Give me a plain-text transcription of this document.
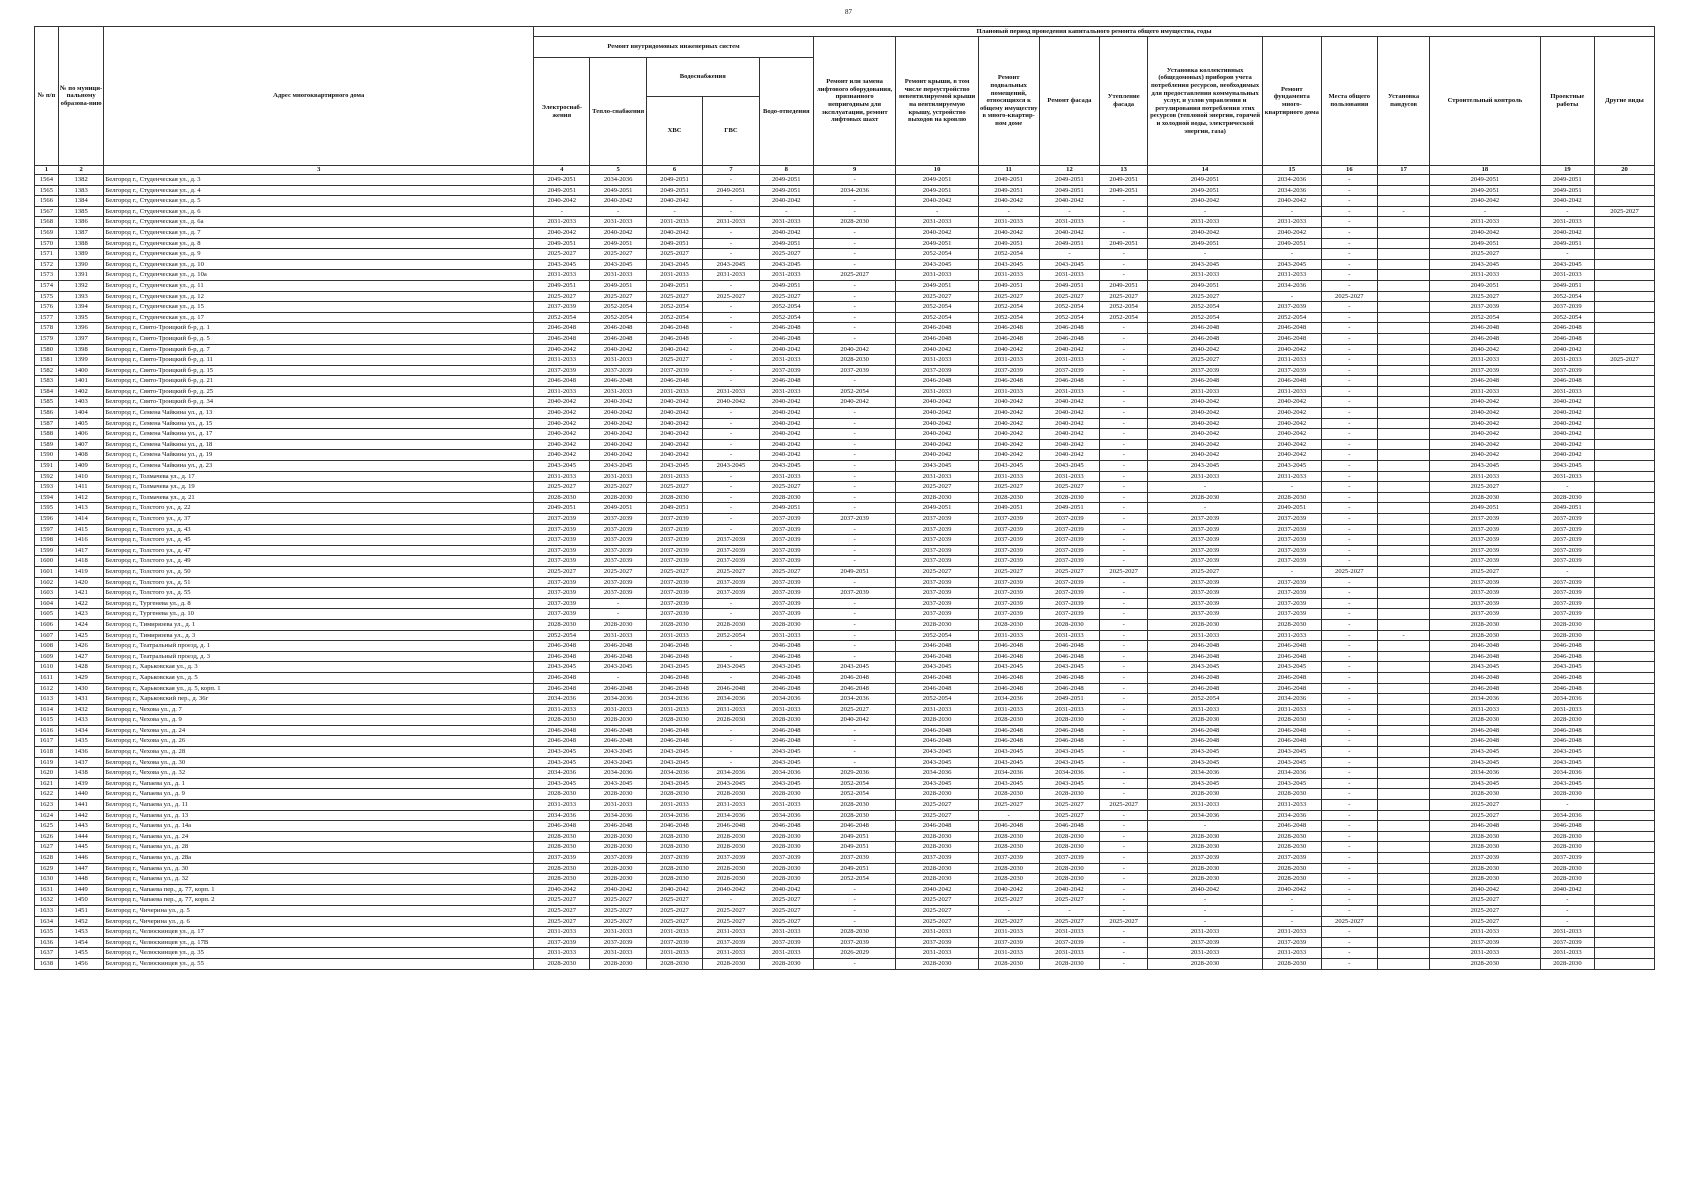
87
№ п/п	№ по муници-пальному образова-нию	Адрес многоквартирного дома	Плановый период проведения капитального ремонта общего имущества, годы																
			Ремонт внутридомовых инженерных систем					Ремонт или замена лифтового оборудования, признанного непригодным для эксплуатации, ремонт лифтовых шахт	Ремонт крыши, в том числе переустройство невентилируемой крыши на вентилируемую крышу, устройство выходов на кровлю	Ремонт подвальных помещений, относящихся к общему имуществу в много-квартир-ном доме	Ремонт фасада	Утепление фасада	Установка коллективных (общедомовых) приборов учета потребления ресурсов, необходимых для предоставления коммунальных услуг, и узлов управления и регулирования потребления этих ресурсов (тепловой энергии, горячей и холодной воды, электрической энергии, газа)	Ремонт фундамента много-квартирного дома	Места общего пользования	Установка пандусов	Строительный контроль	Проектные работы	Другие виды
			Электроснаб-жения	Тепло-снабжения	Водоснабжения		Водо-отведения												
					ХВС	ГВС													
1	2	3	4	5	6	7	8	9	10	11	12	13	14	15	16	17	18	19	20
1564	1382	Белгород г., Студенческая ул., д. 3	2049-2051	2034-2036	2049-2051	-	2049-2051	-	2049-2051	2049-2051	2049-2051	2049-2051	2049-2051	2034-2036	-		2049-2051	2049-2051	
1565	1383	Белгород г., Студенческая ул., д. 4	2049-2051	2049-2051	2049-2051	2049-2051	2049-2051	2034-2036	2049-2051	2049-2051	2049-2051	2049-2051	2049-2051	2034-2036	-		2049-2051	2049-2051	
1566	1384	Белгород г., Студенческая ул., д. 5	2040-2042	2040-2042	2040-2042	-	2040-2042	-	2040-2042	2040-2042	2040-2042	-	2040-2042	2040-2042	-		2040-2042	2040-2042	
1567	1385	Белгород г., Студенческая ул., д. 6	-	-	-	-	-	-	-	-	-	-	-	-	-	-	-	-	2025-2027
1568	1386	Белгород г., Студенческая ул., д. 6а	2031-2033	2031-2033	2031-2033	2031-2033	2031-2033	2028-2030	2031-2033	2031-2033	2031-2033	-	2031-2033	2031-2033	-		2031-2033	2031-2033	
1569	1387	Белгород г., Студенческая ул., д. 7	2040-2042	2040-2042	2040-2042	-	2040-2042	-	2040-2042	2040-2042	2040-2042	-	2040-2042	2040-2042	-		2040-2042	2040-2042	
1570	1388	Белгород г., Студенческая ул., д. 8	2049-2051	2049-2051	2049-2051	-	2049-2051	-	2049-2051	2049-2051	2049-2051	2049-2051	2049-2051	2049-2051	-		2049-2051	2049-2051	
1571	1389	Белгород г., Студенческая ул., д. 9	2025-2027	2025-2027	2025-2027	-	2025-2027	-	2052-2054	2052-2054	-	-	-	-	-		2025-2027	-	
1572	1390	Белгород г., Студенческая ул., д. 10	2043-2045	2043-2045	2043-2045	2043-2045	2043-2045	-	2043-2045	2043-2045	2043-2045	-	2043-2045	2043-2045	-		2043-2045	2043-2045	
1573	1391	Белгород г., Студенческая ул., д. 10а	2031-2033	2031-2033	2031-2033	2031-2033	2031-2033	2025-2027	2031-2033	2031-2033	2031-2033	-	2031-2033	2031-2033	-		2031-2033	2031-2033	
1574	1392	Белгород г., Студенческая ул., д. 11	2049-2051	2049-2051	2049-2051	-	2049-2051	-	2049-2051	2049-2051	2049-2051	2049-2051	2049-2051	2034-2036	-		2049-2051	2049-2051	
1575	1393	Белгород г., Студенческая ул., д. 12	2025-2027	2025-2027	2025-2027	2025-2027	2025-2027	-	2025-2027	2025-2027	2025-2027	2025-2027	2025-2027	-	2025-2027		2025-2027	2052-2054	
1576	1394	Белгород г., Студенческая ул., д. 15	2037-2039	2052-2054	2052-2054	-	2052-2054	-	2052-2054	2052-2054	2052-2054	2052-2054	2052-2054	2037-2039	-		2037-2039	2037-2039	
1577	1395	Белгород г., Студенческая ул., д. 17	2052-2054	2052-2054	2052-2054	-	2052-2054	-	2052-2054	2052-2054	2052-2054	2052-2054	2052-2054	2052-2054	-		2052-2054	2052-2054	
1578	1396	Белгород г., Свято-Троицкий б-р, д. 1	2046-2048	2046-2048	2046-2048	-	2046-2048	-	2046-2048	2046-2048	2046-2048	-	2046-2048	2046-2048	-		2046-2048	2046-2048	
1579	1397	Белгород г., Свято-Троицкий б-р, д. 5	2046-2048	2046-2048	2046-2048	-	2046-2048	-	2046-2048	2046-2048	2046-2048	-	2046-2048	2046-2048	-		2046-2048	2046-2048	
1580	1398	Белгород г., Свято-Троицкий б-р, д. 7	2040-2042	2040-2042	2040-2042	-	2040-2042	2040-2042	2040-2042	2040-2042	2040-2042	-	2040-2042	2040-2042	-		2040-2042	2040-2042	
1581	1399	Белгород г., Свято-Троицкий б-р, д. 11	2031-2033	2031-2033	2025-2027	-	2031-2033	2028-2030	2031-2033	2031-2033	2031-2033	-	2025-2027	2031-2033	-		2031-2033	2031-2033	2025-2027
1582	1400	Белгород г., Свято-Троицкий б-р, д. 15	2037-2039	2037-2039	2037-2039	-	2037-2039	2037-2039	2037-2039	2037-2039	2037-2039	-	2037-2039	2037-2039	-		2037-2039	2037-2039	
1583	1401	Белгород г., Свято-Троицкий б-р, д. 21	2046-2048	2046-2048	2046-2048	-	2046-2048	-	2046-2048	2046-2048	2046-2048	-	2046-2048	2046-2048	-		2046-2048	2046-2048	
1584	1402	Белгород г., Свято-Троицкий б-р, д. 25	2031-2033	2031-2033	2031-2033	2031-2033	2031-2033	2052-2054	2031-2033	2031-2033	2031-2033	-	2031-2033	2031-2033	-		2031-2033	2031-2033	
1585	1403	Белгород г., Свято-Троицкий б-р, д. 34	2040-2042	2040-2042	2040-2042	2040-2042	2040-2042	2040-2042	2040-2042	2040-2042	2040-2042	-	2040-2042	2040-2042	-		2040-2042	2040-2042	
1586	1404	Белгород г., Семена Чайкина ул., д. 13	2040-2042	2040-2042	2040-2042	-	2040-2042	-	2040-2042	2040-2042	2040-2042	-	2040-2042	2040-2042	-		2040-2042	2040-2042	
1587	1405	Белгород г., Семена Чайкина ул., д. 15	2040-2042	2040-2042	2040-2042	-	2040-2042	-	2040-2042	2040-2042	2040-2042	-	2040-2042	2040-2042	-		2040-2042	2040-2042	
1588	1406	Белгород г., Семена Чайкина ул., д. 17	2040-2042	2040-2042	2040-2042	-	2040-2042	-	2040-2042	2040-2042	2040-2042	-	2040-2042	2040-2042	-		2040-2042	2040-2042	
1589	1407	Белгород г., Семена Чайкина ул., д. 18	2040-2042	2040-2042	2040-2042	-	2040-2042	-	2040-2042	2040-2042	2040-2042	-	2040-2042	2040-2042	-		2040-2042	2040-2042	
1590	1408	Белгород г., Семена Чайкина ул., д. 19	2040-2042	2040-2042	2040-2042	-	2040-2042	-	2040-2042	2040-2042	2040-2042	-	2040-2042	2040-2042	-		2040-2042	2040-2042	
1591	1409	Белгород г., Семена Чайкина ул., д. 23	2043-2045	2043-2045	2043-2045	2043-2045	2043-2045	-	2043-2045	2043-2045	2043-2045	-	2043-2045	2043-2045	-		2043-2045	2043-2045	
1592	1410	Белгород г., Толмачева ул., д. 17	2031-2033	2031-2033	2031-2033	-	2031-2033	-	2031-2033	2031-2033	2031-2033	-	2031-2033	2031-2033	-		2031-2033	2031-2033	
1593	1411	Белгород г., Толмачева ул., д. 19	2025-2027	2025-2027	2025-2027	-	2025-2027	-	2025-2027	2025-2027	2025-2027	-	-	-	-		2025-2027	-	
1594	1412	Белгород г., Толмачева ул., д. 21	2028-2030	2028-2030	2028-2030	-	2028-2030	-	2028-2030	2028-2030	2028-2030	-	2028-2030	2028-2030	-		2028-2030	2028-2030	
1595	1413	Белгород г., Толстого ул., д. 22	2049-2051	2049-2051	2049-2051	-	2049-2051	-	2049-2051	2049-2051	2049-2051	-	-	2049-2051	-		2049-2051	2049-2051	
1596	1414	Белгород г., Толстого ул., д. 37	2037-2039	2037-2039	2037-2039	-	2037-2039	2037-2039	2037-2039	2037-2039	2037-2039	-	2037-2039	2037-2039	-		2037-2039	2037-2039	
1597	1415	Белгород г., Толстого ул., д. 43	2037-2039	2037-2039	2037-2039	-	2037-2039	-	2037-2039	2037-2039	2037-2039	-	2037-2039	2037-2039	-		2037-2039	2037-2039	
1598	1416	Белгород г., Толстого ул., д. 45	2037-2039	2037-2039	2037-2039	2037-2039	2037-2039	-	2037-2039	2037-2039	2037-2039	-	2037-2039	2037-2039	-		2037-2039	2037-2039	
1599	1417	Белгород г., Толстого ул., д. 47	2037-2039	2037-2039	2037-2039	2037-2039	2037-2039	-	2037-2039	2037-2039	2037-2039	-	2037-2039	2037-2039	-		2037-2039	2037-2039	
1600	1418	Белгород г., Толстого ул., д. 49	2037-2039	2037-2039	2037-2039	2037-2039	2037-2039	-	2037-2039	2037-2039	2037-2039	-	2037-2039	2037-2039	-		2037-2039	2037-2039	
1601	1419	Белгород г., Толстого ул., д. 50	2025-2027	2025-2027	2025-2027	2025-2027	2025-2027	2049-2051	2025-2027	2025-2027	2025-2027	2025-2027	2025-2027	-	2025-2027		2025-2027	-	
1602	1420	Белгород г., Толстого ул., д. 51	2037-2039	2037-2039	2037-2039	2037-2039	2037-2039	-	2037-2039	2037-2039	2037-2039	-	2037-2039	2037-2039	-		2037-2039	2037-2039	
1603	1421	Белгород г., Толстого ул., д. 55	2037-2039	2037-2039	2037-2039	2037-2039	2037-2039	2037-2039	2037-2039	2037-2039	2037-2039	-	2037-2039	2037-2039	-		2037-2039	2037-2039	
1604	1422	Белгород г., Тургенева ул., д. 8	2037-2039	-	2037-2039	-	2037-2039	-	2037-2039	2037-2039	2037-2039	-	2037-2039	2037-2039	-		2037-2039	2037-2039	
1605	1423	Белгород г., Тургенева ул., д. 10	2037-2039	-	2037-2039	-	2037-2039	-	2037-2039	2037-2039	2037-2039	-	2037-2039	2037-2039	-		2037-2039	2037-2039	
1606	1424	Белгород г., Тимирязева ул., д. 1	2028-2030	2028-2030	2028-2030	2028-2030	2028-2030	-	2028-2030	2028-2030	2028-2030	-	2028-2030	2028-2030	-		2028-2030	2028-2030	
1607	1425	Белгород г., Тимирязева ул., д. 3	2052-2054	2031-2033	2031-2033	2052-2054	2031-2033	-	2052-2054	2031-2033	2031-2033	-	2031-2033	2031-2033	-	-	2028-2030	2028-2030	
1608	1426	Белгород г., Театральный проезд, д. 1	2046-2048	2046-2048	2046-2048	-	2046-2048	-	2046-2048	2046-2048	2046-2048	-	2046-2048	2046-2048	-		2046-2048	2046-2048	
1609	1427	Белгород г., Театральный проезд, д. 3	2046-2048	2046-2048	2046-2048	-	2046-2048	-	2046-2048	2046-2048	2046-2048	-	2046-2048	2046-2048	-		2046-2048	2046-2048	
1610	1428	Белгород г., Харьковская ул., д. 3	2043-2045	2043-2045	2043-2045	2043-2045	2043-2045	2043-2045	2043-2045	2043-2045	2043-2045	-	2043-2045	2043-2045	-		2043-2045	2043-2045	
1611	1429	Белгород г., Харьковская ул., д. 5	2046-2048	-	2046-2048	-	2046-2048	2046-2048	2046-2048	2046-2048	2046-2048	-	2046-2048	2046-2048	-		2046-2048	2046-2048	
1612	1430	Белгород г., Харьковская ул., д. 5, корп. 1	2046-2048	2046-2048	2046-2048	2046-2048	2046-2048	2046-2048	2046-2048	2046-2048	2046-2048	-	2046-2048	2046-2048	-		2046-2048	2046-2048	
1613	1431	Белгород г., Харьковский пер., д. 36г	2034-2036	2034-2036	2034-2036	2034-2036	2034-2036	2034-2036	2052-2054	2034-2036	2049-2051	-	2052-2054	2034-2036	-		2034-2036	2034-2036	
1614	1432	Белгород г., Чехова ул., д. 7	2031-2033	2031-2033	2031-2033	2031-2033	2031-2033	2025-2027	2031-2033	2031-2033	2031-2033	-	2031-2033	2031-2033	-		2031-2033	2031-2033	
1615	1433	Белгород г., Чехова ул., д. 9	2028-2030	2028-2030	2028-2030	2028-2030	2028-2030	2040-2042	2028-2030	2028-2030	2028-2030	-	2028-2030	2028-2030	-		2028-2030	2028-2030	
1616	1434	Белгород г., Чехова ул., д. 24	2046-2048	2046-2048	2046-2048	-	2046-2048	-	2046-2048	2046-2048	2046-2048	-	2046-2048	2046-2048	-		2046-2048	2046-2048	
1617	1435	Белгород г., Чехова ул., д. 26	2046-2048	2046-2048	2046-2048	-	2046-2048	-	2046-2048	2046-2048	2046-2048	-	2046-2048	2046-2048	-		2046-2048	2046-2048	
1618	1436	Белгород г., Чехова ул., д. 28	2043-2045	2043-2045	2043-2045	-	2043-2045	-	2043-2045	2043-2045	2043-2045	-	2043-2045	2043-2045	-		2043-2045	2043-2045	
1619	1437	Белгород г., Чехова ул., д. 30	2043-2045	2043-2045	2043-2045	-	2043-2045	-	2043-2045	2043-2045	2043-2045	-	2043-2045	2043-2045	-		2043-2045	2043-2045	
1620	1438	Белгород г., Чехова ул., д. 32	2034-2036	2034-2036	2034-2036	2034-2036	2034-2036	2029-2036	2034-2036	2034-2036	2034-2036	-	2034-2036	2034-2036	-		2034-2036	2034-2036	
1621	1439	Белгород г., Чапаева ул., д. 1	2043-2045	2043-2045	2043-2045	2043-2045	2043-2045	2052-2054	2043-2045	2043-2045	2043-2045	-	2043-2045	2043-2045	-		2043-2045	2043-2045	
1622	1440	Белгород г., Чапаева ул., д. 9	2028-2030	2028-2030	2028-2030	2028-2030	2028-2030	2052-2054	2028-2030	2028-2030	2028-2030	-	2028-2030	2028-2030	-		2028-2030	2028-2030	
1623	1441	Белгород г., Чапаева ул., д. 11	2031-2033	2031-2033	2031-2033	2031-2033	2031-2033	2028-2030	2025-2027	2025-2027	2025-2027	2025-2027	2031-2033	2031-2033	-		2025-2027	-	
1624	1442	Белгород г., Чапаева ул., д. 13	2034-2036	2034-2036	2034-2036	2034-2036	2034-2036	2028-2030	2025-2027	-	2025-2027	-	2034-2036	2034-2036	-		2025-2027	2034-2036	
1625	1443	Белгород г., Чапаева ул., д. 14а	2046-2048	2046-2048	2046-2048	2046-2048	2046-2048	2046-2048	2046-2048	2046-2048	2046-2048	-	-	2046-2048	-		2046-2048	2046-2048	
1626	1444	Белгород г., Чапаева ул., д. 24	2028-2030	2028-2030	2028-2030	2028-2030	2028-2030	2049-2051	2028-2030	2028-2030	2028-2030	-	2028-2030	2028-2030	-		2028-2030	2028-2030	
1627	1445	Белгород г., Чапаева ул., д. 28	2028-2030	2028-2030	2028-2030	2028-2030	2028-2030	2049-2051	2028-2030	2028-2030	2028-2030	-	2028-2030	2028-2030	-		2028-2030	2028-2030	
1628	1446	Белгород г., Чапаева ул., д. 28а	2037-2039	2037-2039	2037-2039	2037-2039	2037-2039	2037-2039	2037-2039	2037-2039	2037-2039	-	2037-2039	2037-2039	-		2037-2039	2037-2039	
1629	1447	Белгород г., Чапаева ул., д. 30	2028-2030	2028-2030	2028-2030	2028-2030	2028-2030	2049-2051	2028-2030	2028-2030	2028-2030	-	2028-2030	2028-2030	-		2028-2030	2028-2030	
1630	1448	Белгород г., Чапаева ул., д. 32	2028-2030	2028-2030	2028-2030	2028-2030	2028-2030	2052-2054	2028-2030	2028-2030	2028-2030	-	2028-2030	2028-2030	-		2028-2030	2028-2030	
1631	1449	Белгород г., Чапаева пер., д. 77, корп. 1	2040-2042	2040-2042	2040-2042	2040-2042	2040-2042	-	2040-2042	2040-2042	2040-2042	-	2040-2042	2040-2042	-		2040-2042	2040-2042	
1632	1450	Белгород г., Чапаева пер., д. 77, корп. 2	2025-2027	2025-2027	2025-2027	-	2025-2027	-	2025-2027	2025-2027	2025-2027	-	-	-	-		2025-2027	-	
1633	1451	Белгород г., Чичерина ул., д. 5	2025-2027	2025-2027	2025-2027	2025-2027	2025-2027	-	2025-2027	-	-	-	-	-	-		2025-2027	-	
1634	1452	Белгород г., Чичерина ул., д. 6	2025-2027	2025-2027	2025-2027	2025-2027	2025-2027	-	2025-2027	2025-2027	2025-2027	2025-2027	-	-	2025-2027		2025-2027	-	
1635	1453	Белгород г., Челюскинцев ул., д. 17	2031-2033	2031-2033	2031-2033	2031-2033	2031-2033	2028-2030	2031-2033	2031-2033	2031-2033	-	2031-2033	2031-2033	-		2031-2033	2031-2033	
1636	1454	Белгород г., Челюскинцев ул., д. 17В	2037-2039	2037-2039	2037-2039	2037-2039	2037-2039	2037-2039	2037-2039	2037-2039	2037-2039	-	2037-2039	2037-2039	-		2037-2039	2037-2039	
1637	1455	Белгород г., Челюскинцев ул., д. 35	2031-2033	2031-2033	2031-2033	2031-2033	2031-2033	2026-2029	2031-2033	2031-2033	2031-2033	-	2031-2033	2031-2033	-		2031-2033	2031-2033	
1638	1456	Белгород г., Челюскинцев ул., д. 55	2028-2030	2028-2030	2028-2030	2028-2030	2028-2030	-	2028-2030	2028-2030	2028-2030	-	2028-2030	2028-2030	-		2028-2030	2028-2030	
